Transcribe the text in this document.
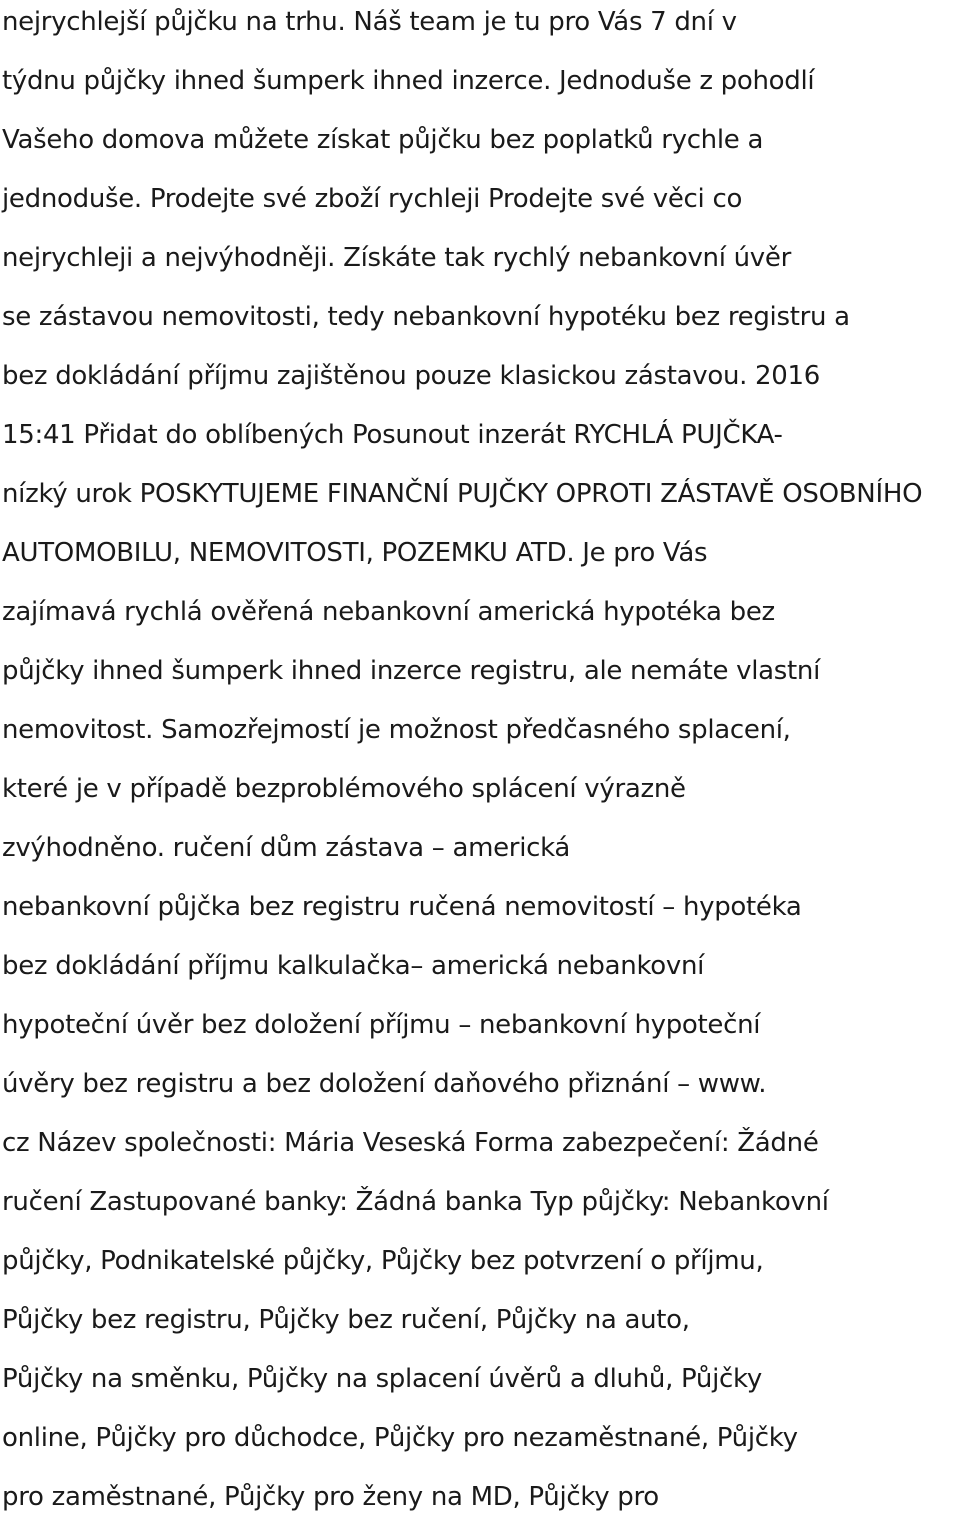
nejrychlejší půjčku na trhu. Náš team je tu pro Vás 7 dní v
týdnu půjčky ihned šumperk ihned inzerce. Jednoduše z pohodlí
Vašeho domova můžete získat půjčku bez poplatků rychle a
jednoduše. Prodejte své zboží rychleji Prodejte své věci co
nejrychleji a nejvýhodněji. Získáte tak rychlý nebankovní úvěr
se zástavou nemovitosti, tedy nebankovní hypotéku bez registru a
bez dokládání příjmu zajištěnou pouze klasickou zástavou. 2016
15:41 Přidat do oblíbených Posunout inzerát RYCHLÁ PUJČKA-
nízký urok POSKYTUJEME FINANČNÍ PUJČKY OPROTI ZÁSTAVĚ OSOBNÍHO
AUTOMOBILU, NEMOVITOSTI, POZEMKU ATD. Je pro Vás
zajímavá rychlá ověřená nebankovní americká hypotéka bez
půjčky ihned šumperk ihned inzerce registru, ale nemáte vlastní
nemovitost. Samozřejmostí je možnost předčasného splacení,
které je v případě bezproblémového splácení výrazně
zvýhodněno. ručení dům zástava – americká
nebankovní půjčka bez registru ručená nemovitostí – hypotéka
bez dokládání příjmu kalkulačka– americká nebankovní
hypoteční úvěr bez doložení příjmu – nebankovní hypoteční
úvěry bez registru a bez doložení daňového přiznání – www.
cz Název společnosti: Mária Veseská Forma zabezpečení: Žádné
ručení Zastupované banky: Žádná banka Typ půjčky: Nebankovní
půjčky, Podnikatelské půjčky, Půjčky bez potvrzení o příjmu,
Půjčky bez registru, Půjčky bez ručení, Půjčky na auto,
Půjčky na směnku, Půjčky na splacení úvěrů a dluhů, Půjčky
online, Půjčky pro důchodce, Půjčky pro nezaměstnané, Půjčky
pro zaměstnané, Půjčky pro ženy na MD, Půjčky pro
